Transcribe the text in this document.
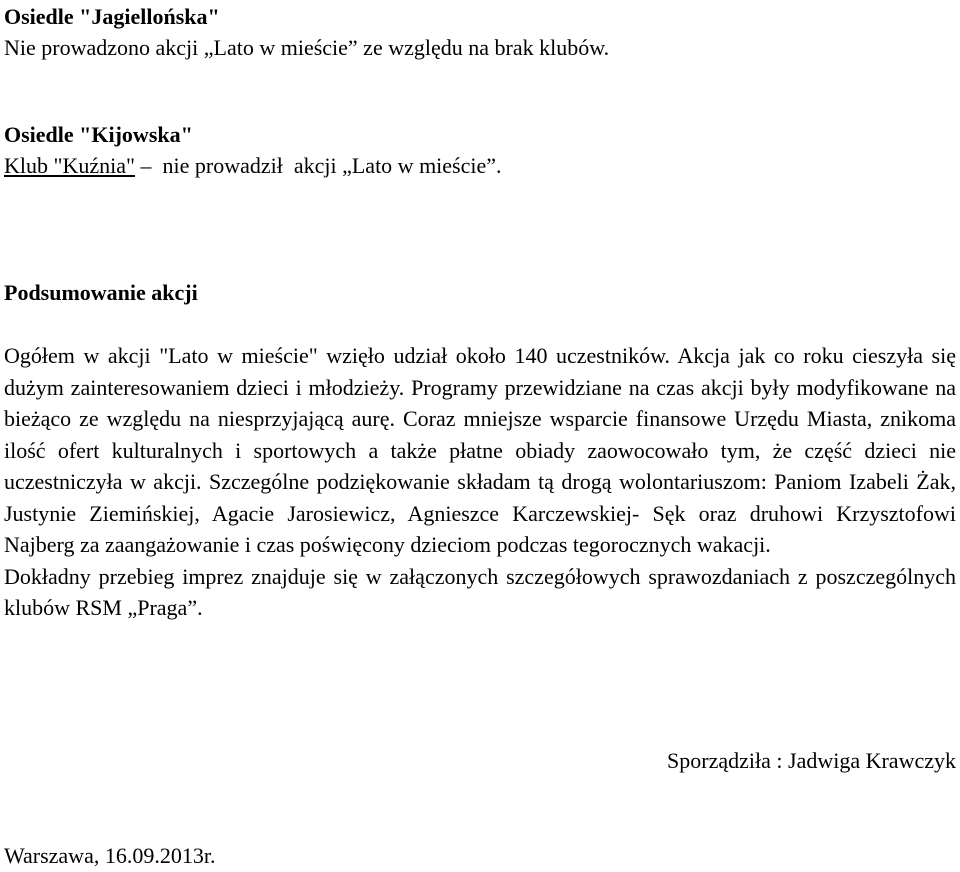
Osiedle "Jagiellońska"

Nie prowadzono akcji „Lato w mieście” ze względu na brak klubów.

Osiedle "Kijowska"

Klub "Kuźnia" –  nie prowadził  akcji „Lato w mieście”.

Podsumowanie akcji

Ogółem w akcji "Lato w mieście" wzięło udział około 140 uczestników. Akcja jak co roku cieszyła się dużym zainteresowaniem dzieci i młodzieży. Programy przewidziane na czas akcji były modyfikowane na bieżąco ze względu na niesprzyjającą aurę. Coraz mniejsze wsparcie finansowe Urzędu Miasta, znikoma ilość ofert kulturalnych i sportowych a także płatne obiady zaowocowało tym, że część dzieci nie uczestniczyła w akcji. Szczególne podziękowanie składam tą drogą wolontariuszom: Paniom Izabeli Żak, Justynie Ziemińskiej, Agacie Jarosiewicz, Agnieszce Karczewskiej- Sęk oraz druhowi Krzysztofowi Najberg za zaangażowanie i czas poświęcony dzieciom podczas tegorocznych wakacji.

Dokładny przebieg imprez znajduje się w załączonych szczegółowych sprawozdaniach z poszczególnych klubów RSM „Praga”.

Sporządziła : Jadwiga Krawczyk
Warszawa, 16.09.2013r.
